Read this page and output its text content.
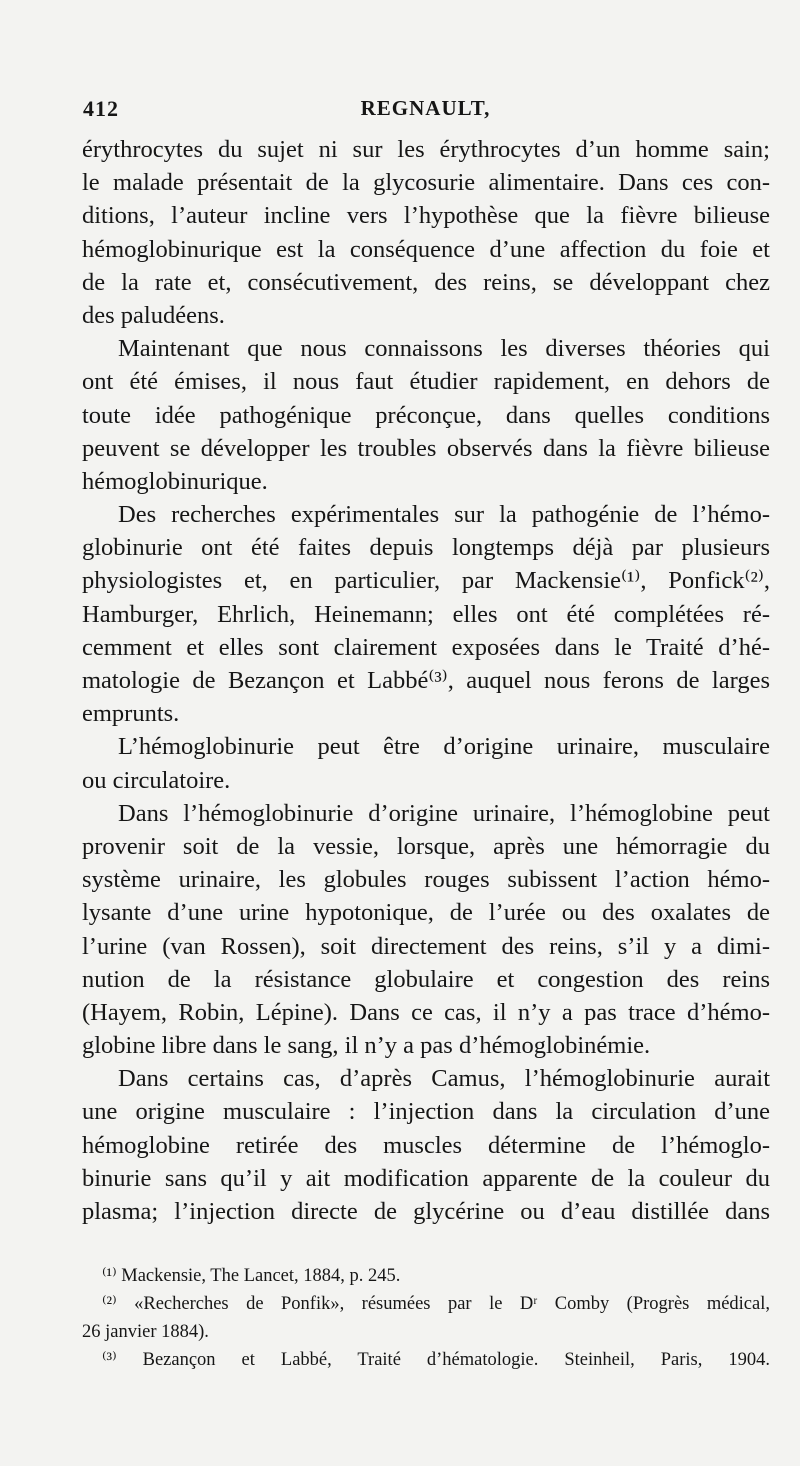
412	REGNAULT,
érythrocytes du sujet ni sur les érythrocytes d’un homme sain;
le malade présentait de la glycosurie alimentaire. Dans ces con-
ditions, l’auteur incline vers l’hypothèse que la fièvre bilieuse
hémoglobinurique est la conséquence d’une affection du foie et
de la rate et, consécutivement, des reins, se développant chez
des paludéens.
Maintenant que nous connaissons les diverses théories qui
ont été émises, il nous faut étudier rapidement, en dehors de
toute idée pathogénique préconçue, dans quelles conditions
peuvent se développer les troubles observés dans la fièvre bilieuse
hémoglobinurique.
Des recherches expérimentales sur la pathogénie de l’hémo-
globinurie ont été faites depuis longtemps déjà par plusieurs
physiologistes et, en particulier, par Mackensie⁽¹⁾, Ponfick⁽²⁾,
Hamburger, Ehrlich, Heinemann; elles ont été complétées ré-
cemment et elles sont clairement exposées dans le Traité d’hé-
matologie de Bezançon et Labbé⁽³⁾, auquel nous ferons de larges
emprunts.
L’hémoglobinurie peut être d’origine urinaire, musculaire
ou circulatoire.
Dans l’hémoglobinurie d’origine urinaire, l’hémoglobine peut
provenir soit de la vessie, lorsque, après une hémorragie du
système urinaire, les globules rouges subissent l’action hémo-
lysante d’une urine hypotonique, de l’urée ou des oxalates de
l’urine (van Rossen), soit directement des reins, s’il y a dimi-
nution de la résistance globulaire et congestion des reins
(Hayem, Robin, Lépine). Dans ce cas, il n’y a pas trace d’hémo-
globine libre dans le sang, il n’y a pas d’hémoglobinémie.
Dans certains cas, d’après Camus, l’hémoglobinurie aurait
une origine musculaire : l’injection dans la circulation d’une
hémoglobine retirée des muscles détermine de l’hémoglo-
binurie sans qu’il y ait modification apparente de la couleur du
plasma; l’injection directe de glycérine ou d’eau distillée dans
⁽¹⁾ Mackensie, The Lancet, 1884, p. 245.
⁽²⁾ «Recherches de Ponfik», résumées par le Dʳ Comby (Progrès médical,
26 janvier 1884).
⁽³⁾ Bezançon et Labbé, Traité d’hématologie. Steinheil, Paris, 1904.
